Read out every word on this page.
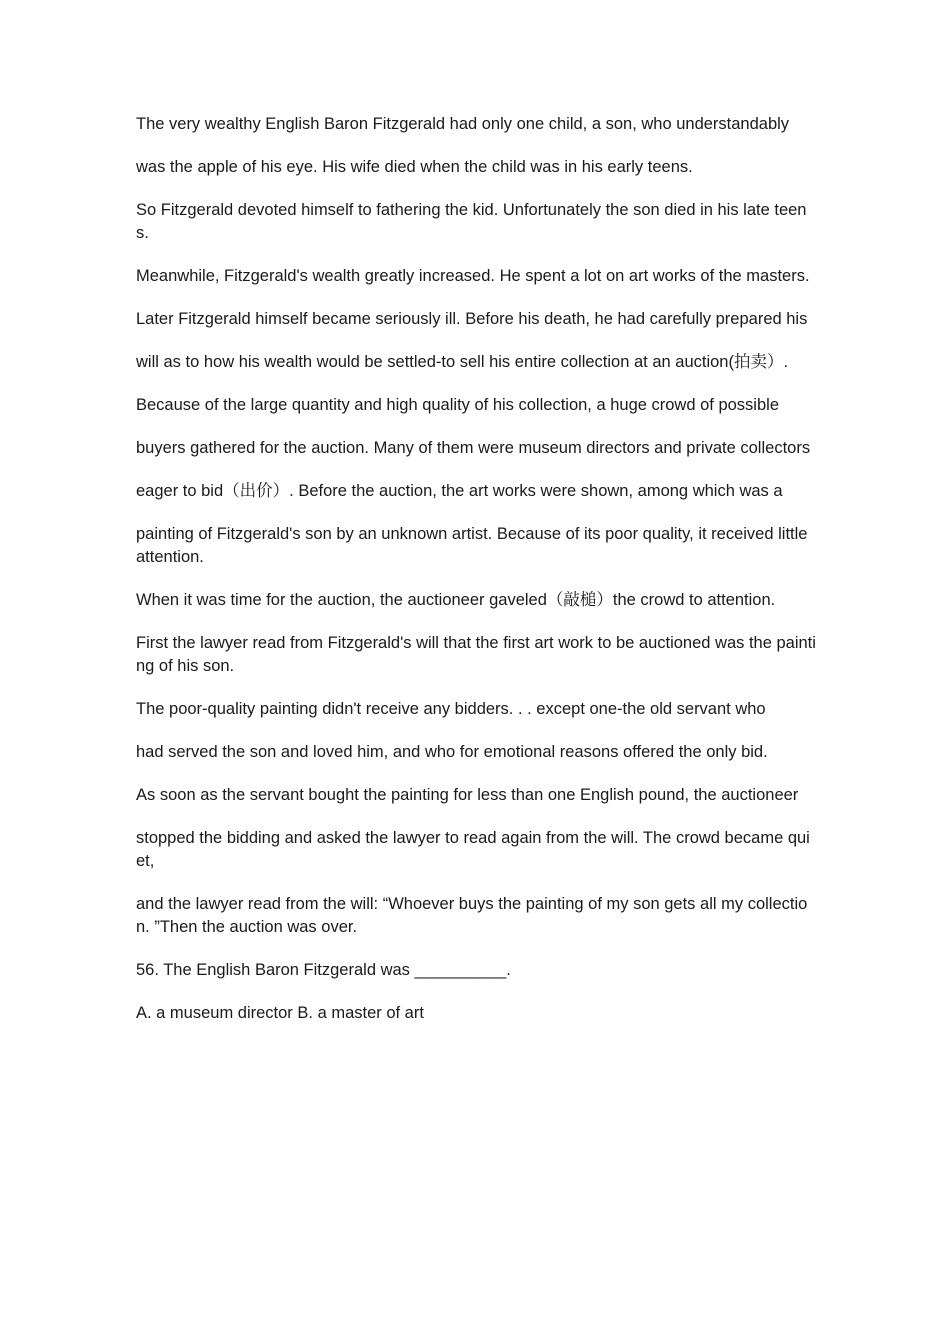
The very wealthy English Baron Fitzgerald had only one child, a son, who understandably

was the apple of his eye. His wife died when the child was in his early teens.

So Fitzgerald devoted himself to fathering the kid. Unfortunately the son died in his late teens.

Meanwhile, Fitzgerald's wealth greatly increased. He spent a lot on art works of the masters.

Later Fitzgerald himself became seriously ill. Before his death, he had carefully prepared his

will as to how his wealth would be settled-to sell his entire collection at an auction(拍卖）.

Because of the large quantity and high quality of his collection, a huge crowd of possible

buyers gathered for the auction. Many of them were museum directors and private collectors

eager to bid（出价）. Before the auction, the art works were shown, among which was a

painting of Fitzgerald's son by an unknown artist. Because of its poor quality, it received little attention.

When it was time for the auction, the auctioneer gaveled（敲槌）the crowd to attention.

First the lawyer read from Fitzgerald's will that the first art work to be auctioned was the painting of his son.

The poor-quality painting didn't receive any bidders. . . except one-the old servant who

had served the son and loved him, and who for emotional reasons offered the only bid.

As soon as the servant bought the painting for less than one English pound, the auctioneer

stopped the bidding and asked the lawyer to read again from the will. The crowd became quiet,

and the lawyer read from the will: “Whoever buys the painting of my son gets all my collection. ”Then the auction was over.

56. The English Baron Fitzgerald was __________.

A. a museum director B. a master of art
